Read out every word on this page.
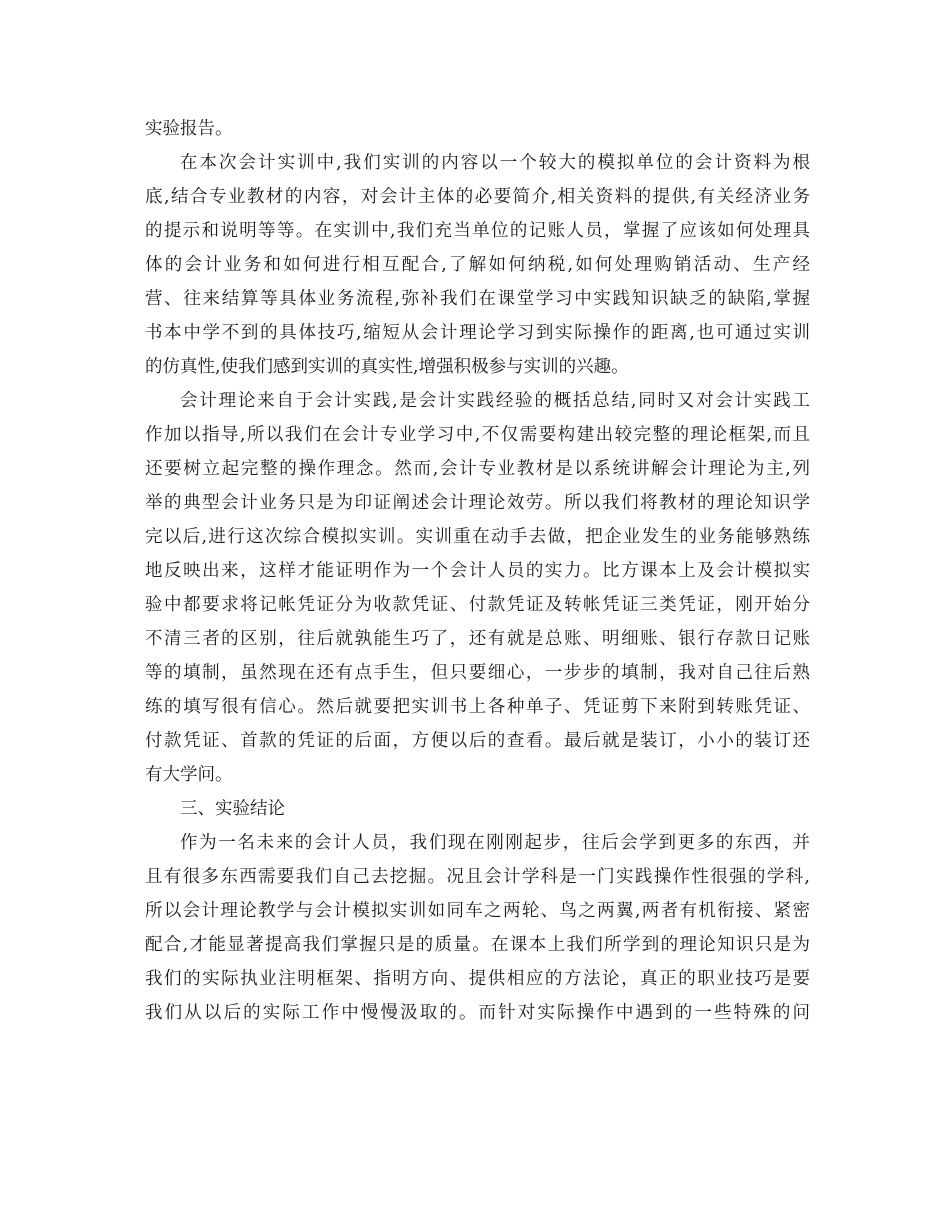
实验报告。
在本次会计实训中,我们实训的内容以一个较大的模拟单位的会计资料为根
底,结合专业教材的内容，对会计主体的必要简介,相关资料的提供,有关经济业务
的提示和说明等等。在实训中,我们充当单位的记账人员，掌握了应该如何处理具
体的会计业务和如何进行相互配合,了解如何纳税,如何处理购销活动、生产经
营、往来结算等具体业务流程,弥补我们在课堂学习中实践知识缺乏的缺陷,掌握
书本中学不到的具体技巧,缩短从会计理论学习到实际操作的距离,也可通过实训
的仿真性,使我们感到实训的真实性,增强积极参与实训的兴趣。
会计理论来自于会计实践,是会计实践经验的概括总结,同时又对会计实践工
作加以指导,所以我们在会计专业学习中,不仅需要构建出较完整的理论框架,而且
还要树立起完整的操作理念。然而,会计专业教材是以系统讲解会计理论为主,列
举的典型会计业务只是为印证阐述会计理论效劳。所以我们将教材的理论知识学
完以后,进行这次综合模拟实训。实训重在动手去做，把企业发生的业务能够熟练
地反映出来，这样才能证明作为一个会计人员的实力。比方课本上及会计模拟实
验中都要求将记帐凭证分为收款凭证、付款凭证及转帐凭证三类凭证，刚开始分
不清三者的区别，往后就孰能生巧了，还有就是总账、明细账、银行存款日记账
等的填制，虽然现在还有点手生，但只要细心，一步步的填制，我对自己往后熟
练的填写很有信心。然后就要把实训书上各种单子、凭证剪下来附到转账凭证、
付款凭证、首款的凭证的后面，方便以后的查看。最后就是装订，小小的装订还
有大学问。
三、实验结论
作为一名未来的会计人员，我们现在刚刚起步，往后会学到更多的东西，并
且有很多东西需要我们自己去挖掘。况且会计学科是一门实践操作性很强的学科,
所以会计理论教学与会计模拟实训如同车之两轮、鸟之两翼,两者有机衔接、紧密
配合,才能显著提高我们掌握只是的质量。在课本上我们所学到的理论知识只是为
我们的实际执业注明框架、指明方向、提供相应的方法论，真正的职业技巧是要
我们从以后的实际工作中慢慢汲取的。而针对实际操作中遇到的一些特殊的问
